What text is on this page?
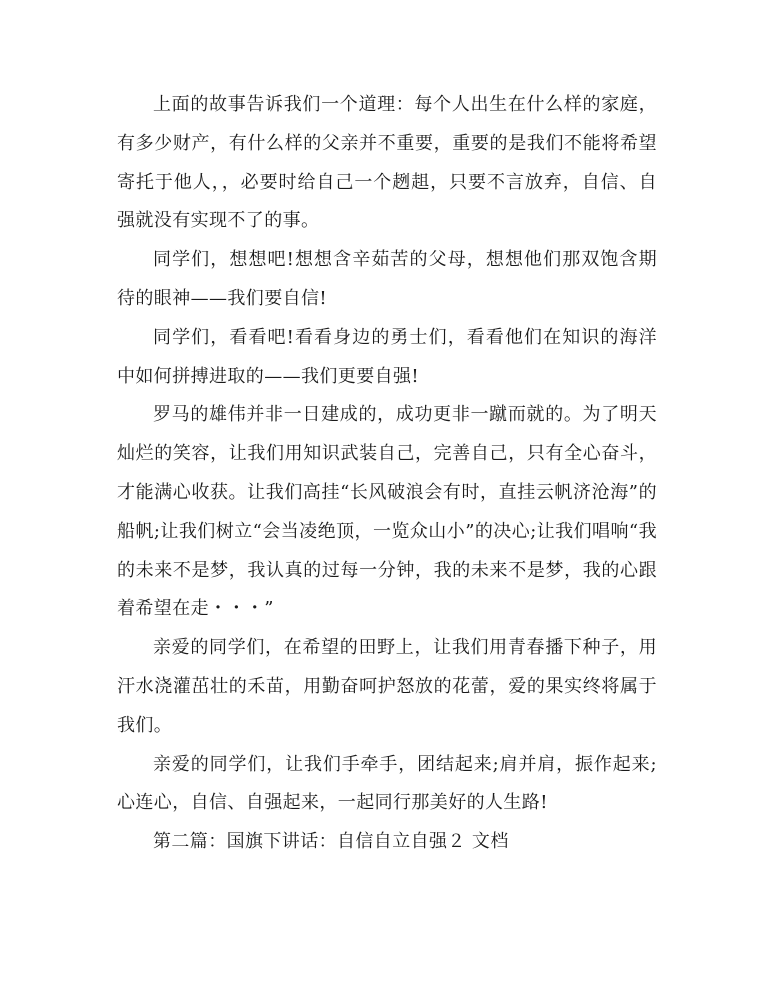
上面的故事告诉我们一个道理：每个人出生在什么样的家庭，有多少财产，有什么样的父亲并不重要，重要的是我们不能将希望寄托于他人，，必要时给自己一个趔趄，只要不言放弃，自信、自强就没有实现不了的事。

同学们，想想吧!想想含辛茹苦的父母，想想他们那双饱含期待的眼神——我们要自信!

同学们，看看吧!看看身边的勇士们，看看他们在知识的海洋中如何拼搏进取的——我们更要自强!

罗马的雄伟并非一日建成的，成功更非一蹴而就的。为了明天灿烂的笑容，让我们用知识武装自己，完善自己，只有全心奋斗，才能满心收获。让我们高挂“长风破浪会有时，直挂云帆济沧海”的船帆;让我们树立“会当凌绝顶，一览众山小”的决心;让我们唱响“我的未来不是梦，我认真的过每一分钟，我的未来不是梦，我的心跟着希望在走・・・”

亲爱的同学们，在希望的田野上，让我们用青春播下种子，用汗水浇灌茁壮的禾苗，用勤奋呵护怒放的花蕾，爱的果实终将属于我们。

亲爱的同学们，让我们手牵手，团结起来;肩并肩，振作起来;心连心，自信、自强起来，一起同行那美好的人生路!

第二篇：国旗下讲话：自信自立自强２ 文档
